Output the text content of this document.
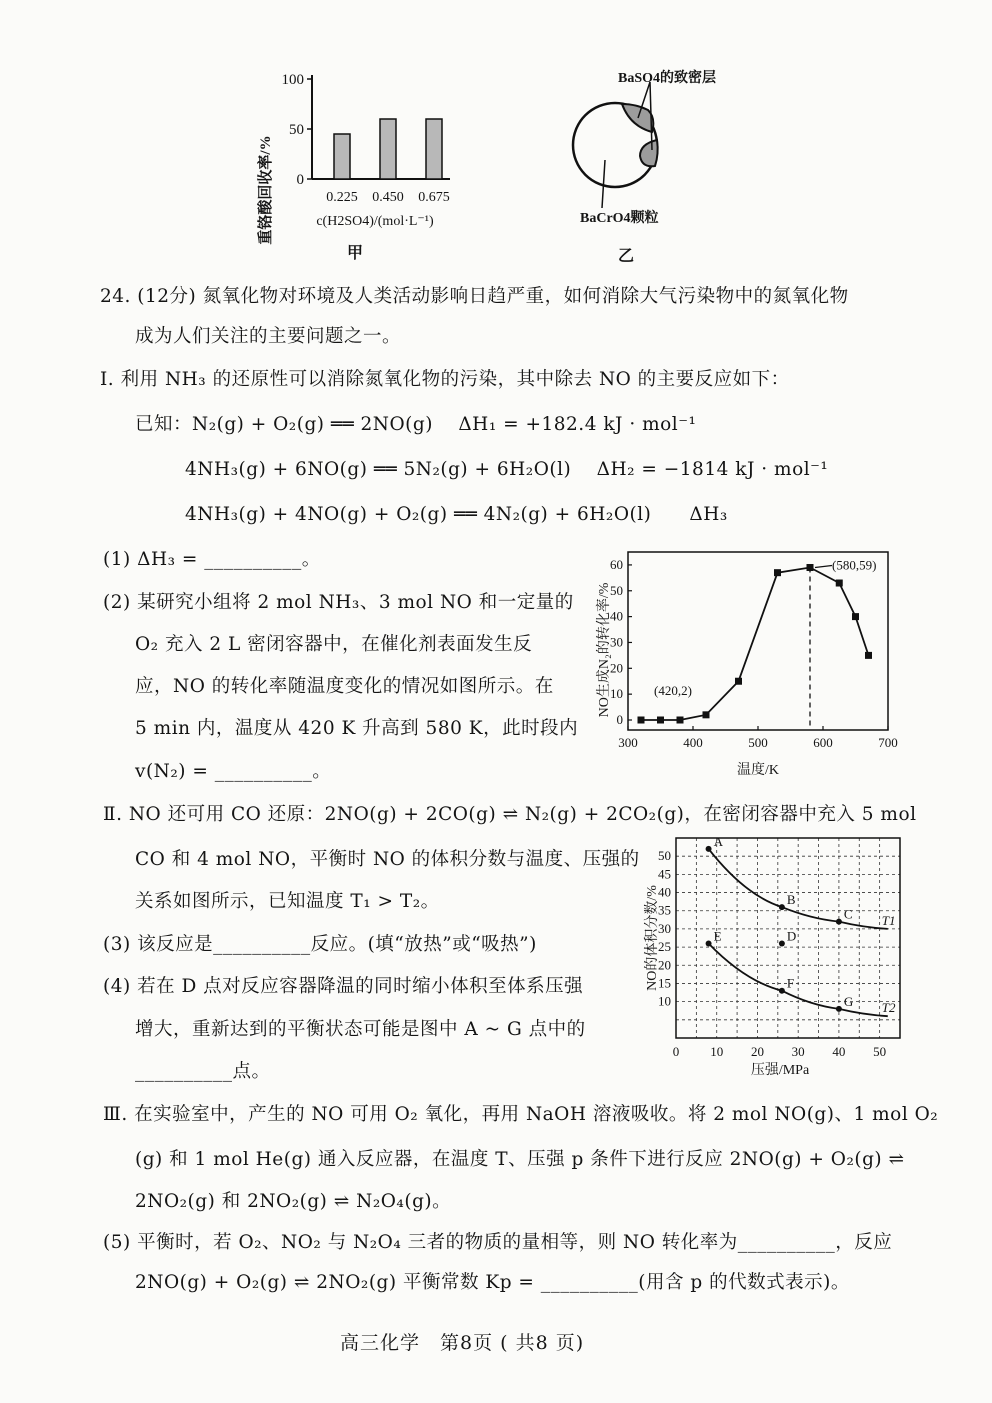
重铬酸回收率/%
100
50
0
0.225 0.450 0.675
c(H2SO4)/(mol·L⁻¹)
甲
BaSO4的致密层
BaCrO4颗粒
乙
24. (12分) 氮氧化物对环境及人类活动影响日趋严重，如何消除大气污染物中的氮氧化物
成为人们关注的主要问题之一。
Ⅰ. 利用 NH₃ 的还原性可以消除氮氧化物的污染，其中除去 NO 的主要反应如下：
已知：N₂(g) + O₂(g) ══ 2NO(g)　 ΔH₁ = +182.4 kJ · mol⁻¹
4NH₃(g) + 6NO(g) ══ 5N₂(g) + 6H₂O(l)　 ΔH₂ = −1814 kJ · mol⁻¹
4NH₃(g) + 4NO(g) + O₂(g) ══ 4N₂(g) + 6H₂O(l)　　ΔH₃
(1) ΔH₃ = __________。
(2) 某研究小组将 2 mol NH₃、3 mol NO 和一定量的
O₂ 充入 2 L 密闭容器中，在催化剂表面发生反
应，NO 的转化率随温度变化的情况如图所示。在
5 min 内，温度从 420 K 升高到 580 K，此时段内
v(N₂) = __________。
NO生成N₂的转化率/%
300	400	500	600	700
0
10
20
30
40
50
60
(420,2)
(580,59)
温度/K
Ⅱ. NO 还可用 CO 还原：2NO(g) + 2CO(g) ⇌ N₂(g) + 2CO₂(g)，在密闭容器中充入 5 mol
CO 和 4 mol NO，平衡时 NO 的体积分数与温度、压强的
关系如图所示，已知温度 T₁ > T₂。
(3) 该反应是__________反应。(填“放热”或“吸热”)
(4) 若在 D 点对反应容器降温的同时缩小体积至体系压强
增大，重新达到的平衡状态可能是图中 A ~ G 点中的
__________点。
NO的体积分数/%
0 10 20 30 40 50
10
15
20
25
30
35
40
45
50
T1
T2
A
B
C
D
E
F
G
压强/MPa
Ⅲ. 在实验室中，产生的 NO 可用 O₂ 氧化，再用 NaOH 溶液吸收。将 2 mol NO(g)、1 mol O₂
(g) 和 1 mol He(g) 通入反应器，在温度 T、压强 p 条件下进行反应 2NO(g) + O₂(g) ⇌
2NO₂(g) 和 2NO₂(g) ⇌ N₂O₄(g)。
(5) 平衡时，若 O₂、NO₂ 与 N₂O₄ 三者的物质的量相等，则 NO 转化率为__________，反应
2NO(g) + O₂(g) ⇌ 2NO₂(g) 平衡常数 Kp = __________(用含 p 的代数式表示)。
高三化学　第8页 ( 共8 页)
